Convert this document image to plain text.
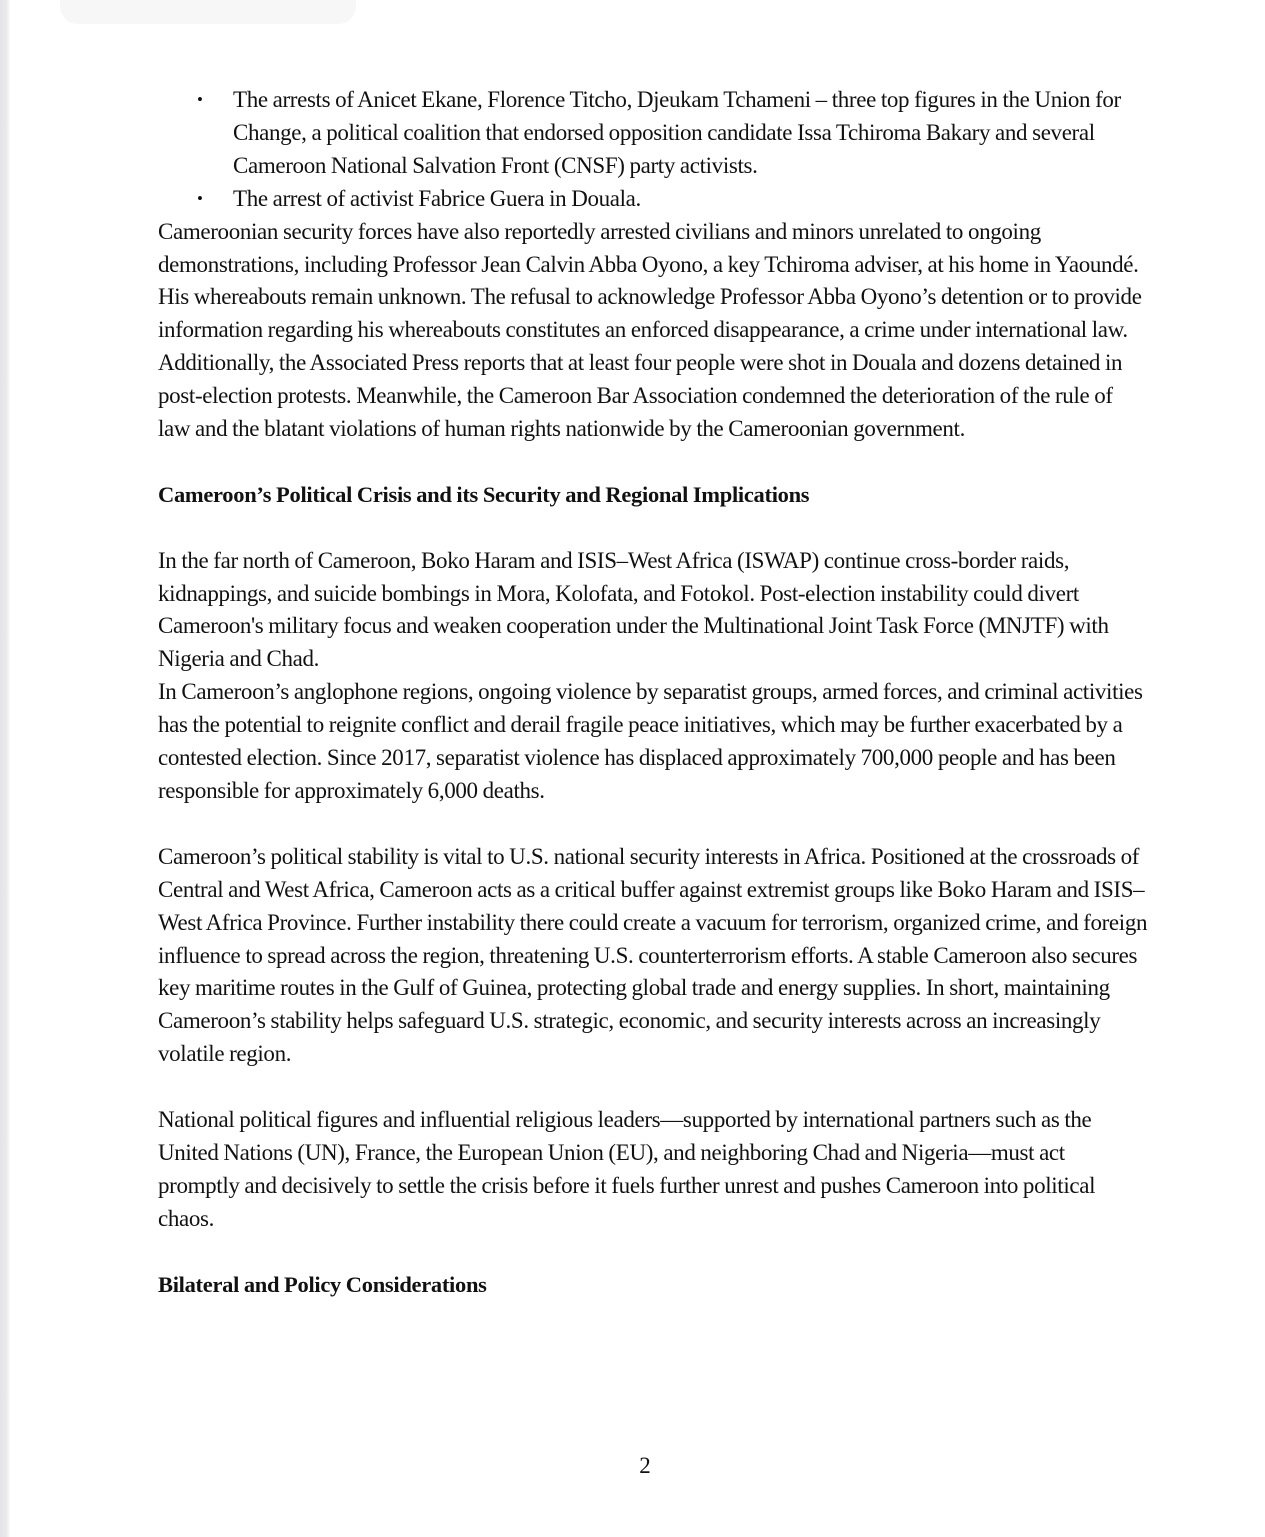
• The arrests of Anicet Ekane, Florence Titcho, Djeukam Tchameni – three top figures in the Union for Change, a political coalition that endorsed opposition candidate Issa Tchiroma Bakary and several Cameroon National Salvation Front (CNSF) party activists.
• The arrest of activist Fabrice Guera in Douala.

Cameroonian security forces have also reportedly arrested civilians and minors unrelated to ongoing demonstrations, including Professor Jean Calvin Abba Oyono, a key Tchiroma adviser, at his home in Yaoundé. His whereabouts remain unknown. The refusal to acknowledge Professor Abba Oyono’s detention or to provide information regarding his whereabouts constitutes an enforced disappearance, a crime under international law. Additionally, the Associated Press reports that at least four people were shot in Douala and dozens detained in post-election protests. Meanwhile, the Cameroon Bar Association condemned the deterioration of the rule of law and the blatant violations of human rights nationwide by the Cameroonian government.

Cameroon’s Political Crisis and its Security and Regional Implications

In the far north of Cameroon, Boko Haram and ISIS–West Africa (ISWAP) continue cross-border raids, kidnappings, and suicide bombings in Mora, Kolofata, and Fotokol. Post-election instability could divert Cameroon's military focus and weaken cooperation under the Multinational Joint Task Force (MNJTF) with Nigeria and Chad.

In Cameroon’s anglophone regions, ongoing violence by separatist groups, armed forces, and criminal activities has the potential to reignite conflict and derail fragile peace initiatives, which may be further exacerbated by a contested election. Since 2017, separatist violence has displaced approximately 700,000 people and has been responsible for approximately 6,000 deaths.

Cameroon’s political stability is vital to U.S. national security interests in Africa. Positioned at the crossroads of Central and West Africa, Cameroon acts as a critical buffer against extremist groups like Boko Haram and ISIS–West Africa Province. Further instability there could create a vacuum for terrorism, organized crime, and foreign influence to spread across the region, threatening U.S. counterterrorism efforts. A stable Cameroon also secures key maritime routes in the Gulf of Guinea, protecting global trade and energy supplies. In short, maintaining Cameroon’s stability helps safeguard U.S. strategic, economic, and security interests across an increasingly volatile region.

National political figures and influential religious leaders—supported by international partners such as the United Nations (UN), France, the European Union (EU), and neighboring Chad and Nigeria—must act promptly and decisively to settle the crisis before it fuels further unrest and pushes Cameroon into political chaos.

Bilateral and Policy Considerations
2
